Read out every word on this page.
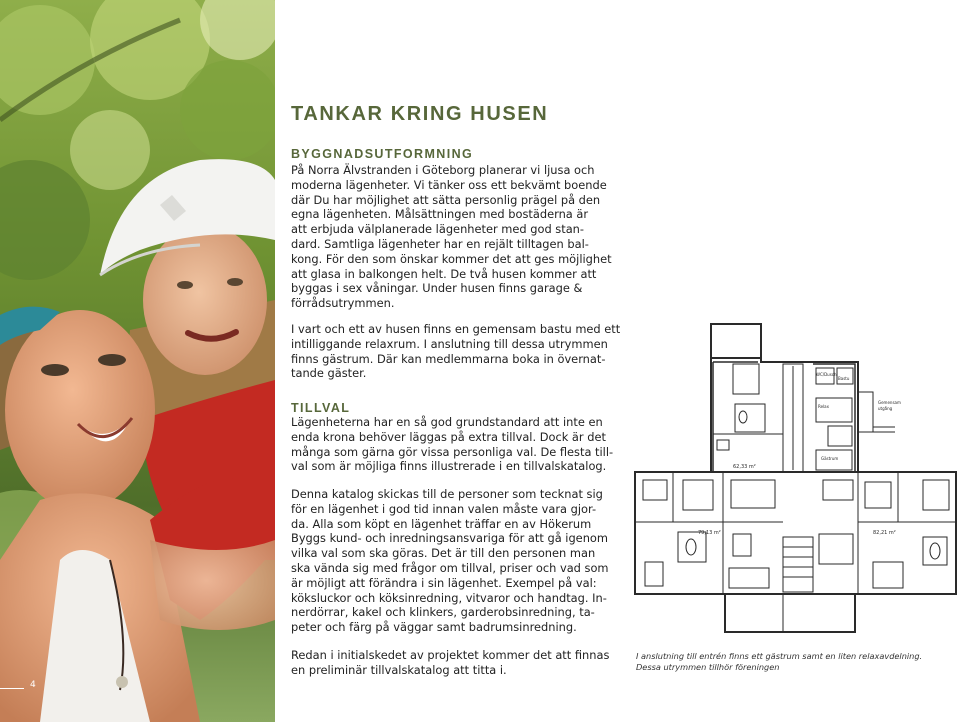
4
TANKAR KRING HUSEN
BYGGNADSUTFORMNING

På Norra Älvstranden i Göteborg planerar vi ljusa och
moderna lägenheter. Vi tänker oss ett bekvämt boende
där Du har möjlighet att sätta personlig prägel på den
egna lägenheten. Målsättningen med bostäderna är
att erbjuda välplanerade lägenheter med god stan-
dard. Samtliga lägenheter har en rejält tilltagen bal-
kong. För den som önskar kommer det att ges möjlighet
att glasa in balkongen helt. De två husen kommer att
byggas i sex våningar. Under husen finns garage &
förrådsutrymmen.

I vart och ett av husen finns en gemensam bastu med ett
intilliggande relaxrum. I anslutning till dessa utrymmen
finns gästrum. Där kan medlemmarna boka in övernat-
tande gäster.

TILLVAL

Lägenheterna har en så god grundstandard att inte en
enda krona behöver läggas på extra tillval. Dock är det
många som gärna gör vissa personliga val. De flesta till-
val som är möjliga finns illustrerade i en tillvalskatalog.

Denna katalog skickas till de personer som tecknat sig
för en lägenhet i god tid innan valen måste vara gjor-
da. Alla som köpt en lägenhet träffar en av Hökerum
Byggs kund- och inredningsansvariga för att gå igenom
vilka val som ska göras. Det är till den personen man
ska vända sig med frågor om tillval, priser och vad som
är möjligt att förändra i sin lägenhet. Exempel på val:
köksluckor och köksinredning, vitvaror och handtag. In-
nerdörrar, kakel och klinkers, garderobsinredning, ta-
peter och färg på väggar samt badrumsinredning.

Redan i initialskedet av projektet kommer det att finnas
en preliminär tillvalskatalog att titta i.

Bastu
WC/Dusch
Relax
Gästrum
Gemensam
utgång
62,33 m²
79,13 m²	82,21 m²

I anslutning till entrén finns ett gästrum samt en liten relaxavdelning.
Dessa utrymmen tillhör föreningen
